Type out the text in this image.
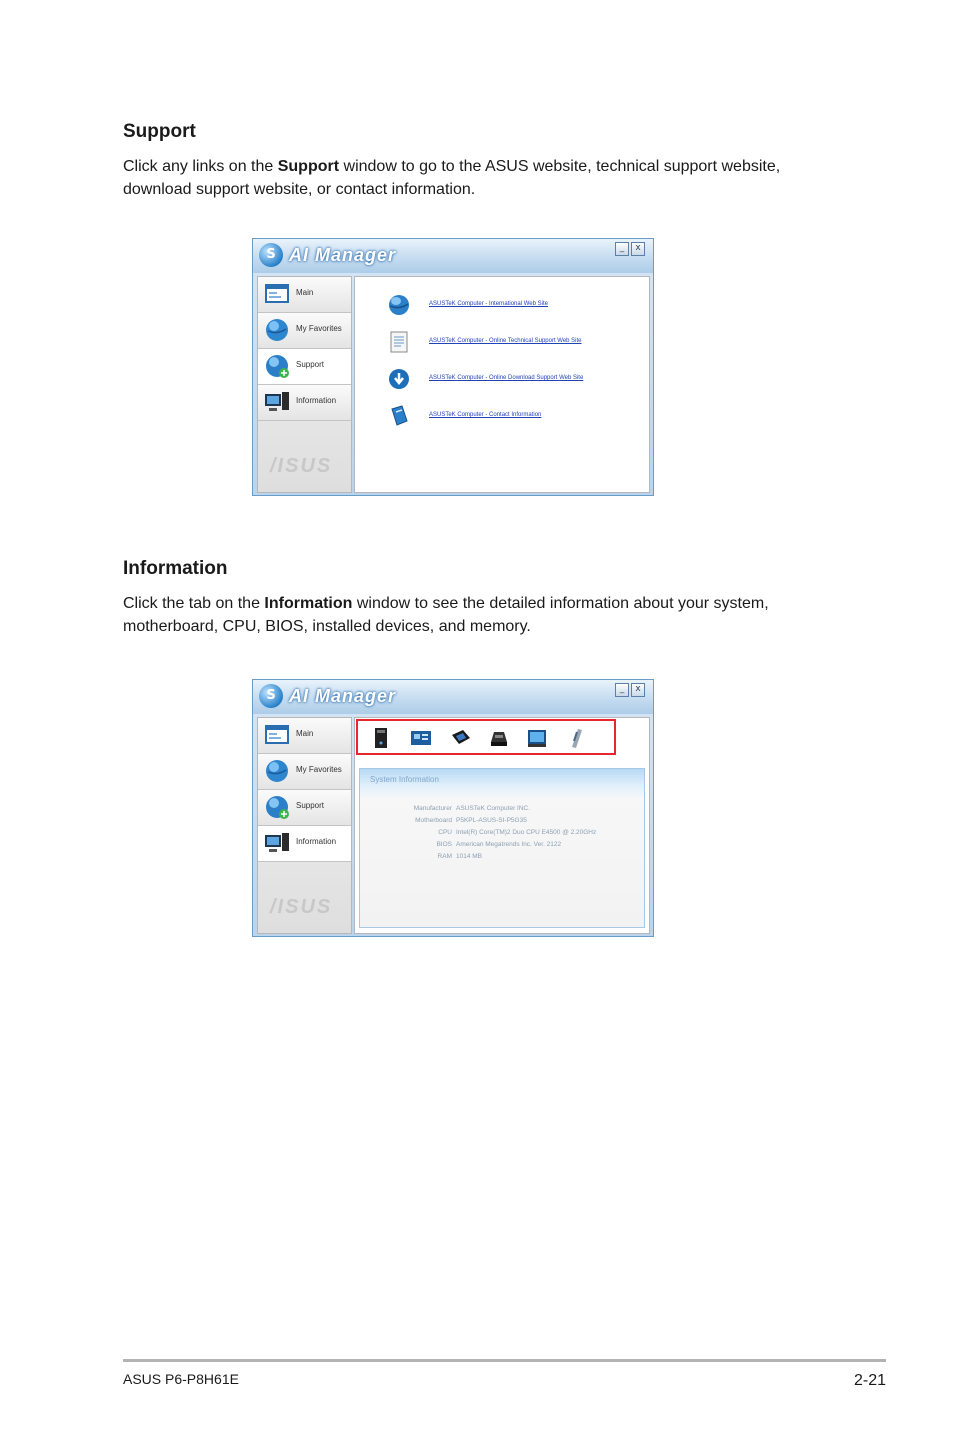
Support

Click any links on the Support window to go to the ASUS website, technical support website, download support website, or contact information.

S AI Manager	_	x
Main
My Favorites
Support
Information
/ISUS
ASUSTeK Computer - International Web Site
ASUSTeK Computer - Online Technical Support Web Site
ASUSTeK Computer - Online Download Support Web Site
ASUSTeK Computer - Contact Information
Information

Click the tab on the Information window to see the detailed information about your system, motherboard, CPU, BIOS, installed devices, and memory.

S AI Manager	_	x
Main
My Favorites
Support
Information
/ISUS
System Information
Manufacturer ASUSTeK Computer INC.
Motherboard P5KPL-ASUS-SI-P5G35
CPU Intel(R) Core(TM)2 Duo CPU E4500 @ 2.20GHz
BIOS American Megatrends Inc. Ver. 2122
RAM 1014 MB
ASUS P6-P8H61E	2-21
